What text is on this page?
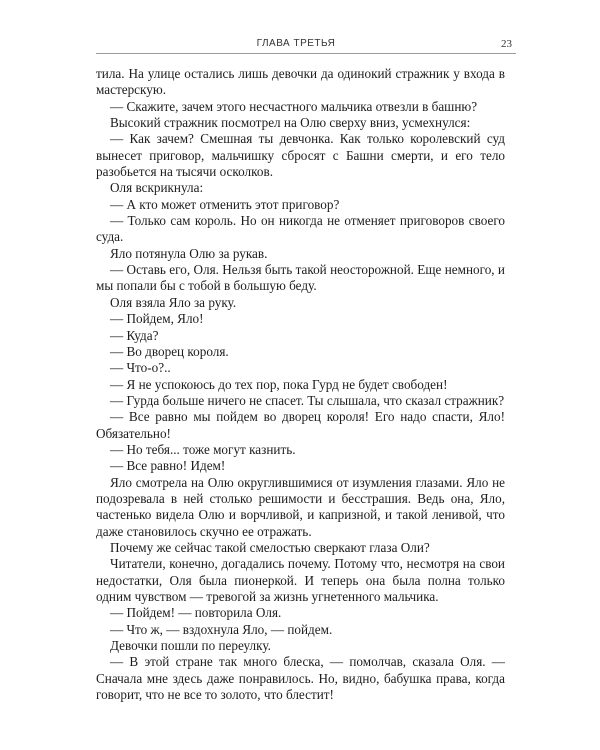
ГЛАВА ТРЕТЬЯ	23

тила. На улице остались лишь девочки да одинокий стражник у входа в мастерскую.

— Скажите, зачем этого несчастного мальчика отвезли в башню?

Высокий стражник посмотрел на Олю сверху вниз, усмехнулся:

— Как зачем? Смешная ты девчонка. Как только королевский суд вынесет приговор, мальчишку сбросят с Башни смерти, и его тело разобьется на тысячи осколков.

Оля вскрикнула:

— А кто может отменить этот приговор?

— Только сам король. Но он никогда не отменяет приговоров своего суда.

Яло потянула Олю за рукав.

— Оставь его, Оля. Нельзя быть такой неосторожной. Еще немного, и мы попали бы с тобой в большую беду.

Оля взяла Яло за руку.

— Пойдем, Яло!

— Куда?

— Во дворец короля.

— Что-о?..

— Я не успокоюсь до тех пор, пока Гурд не будет свободен!

— Гурда больше ничего не спасет. Ты слышала, что сказал стражник?

— Все равно мы пойдем во дворец короля! Его надо спасти, Яло! Обязательно!

— Но тебя... тоже могут казнить.

— Все равно! Идем!

Яло смотрела на Олю округлившимися от изумления глазами. Яло не подозревала в ней столько решимости и бесстрашия. Ведь она, Яло, частенько видела Олю и ворчливой, и капризной, и такой ленивой, что даже становилось скучно ее отражать.

Почему же сейчас такой смелостью сверкают глаза Оли?

Читатели, конечно, догадались почему. Потому что, несмотря на свои недостатки, Оля была пионеркой. И теперь она была полна только одним чувством — тревогой за жизнь угнетенного мальчика.

— Пойдем! — повторила Оля.

— Что ж, — вздохнула Яло, — пойдем.

Девочки пошли по переулку.

— В этой стране так много блеска, — помолчав, сказала Оля. — Сначала мне здесь даже понравилось. Но, видно, бабушка права, когда говорит, что не все то золото, что блестит!
